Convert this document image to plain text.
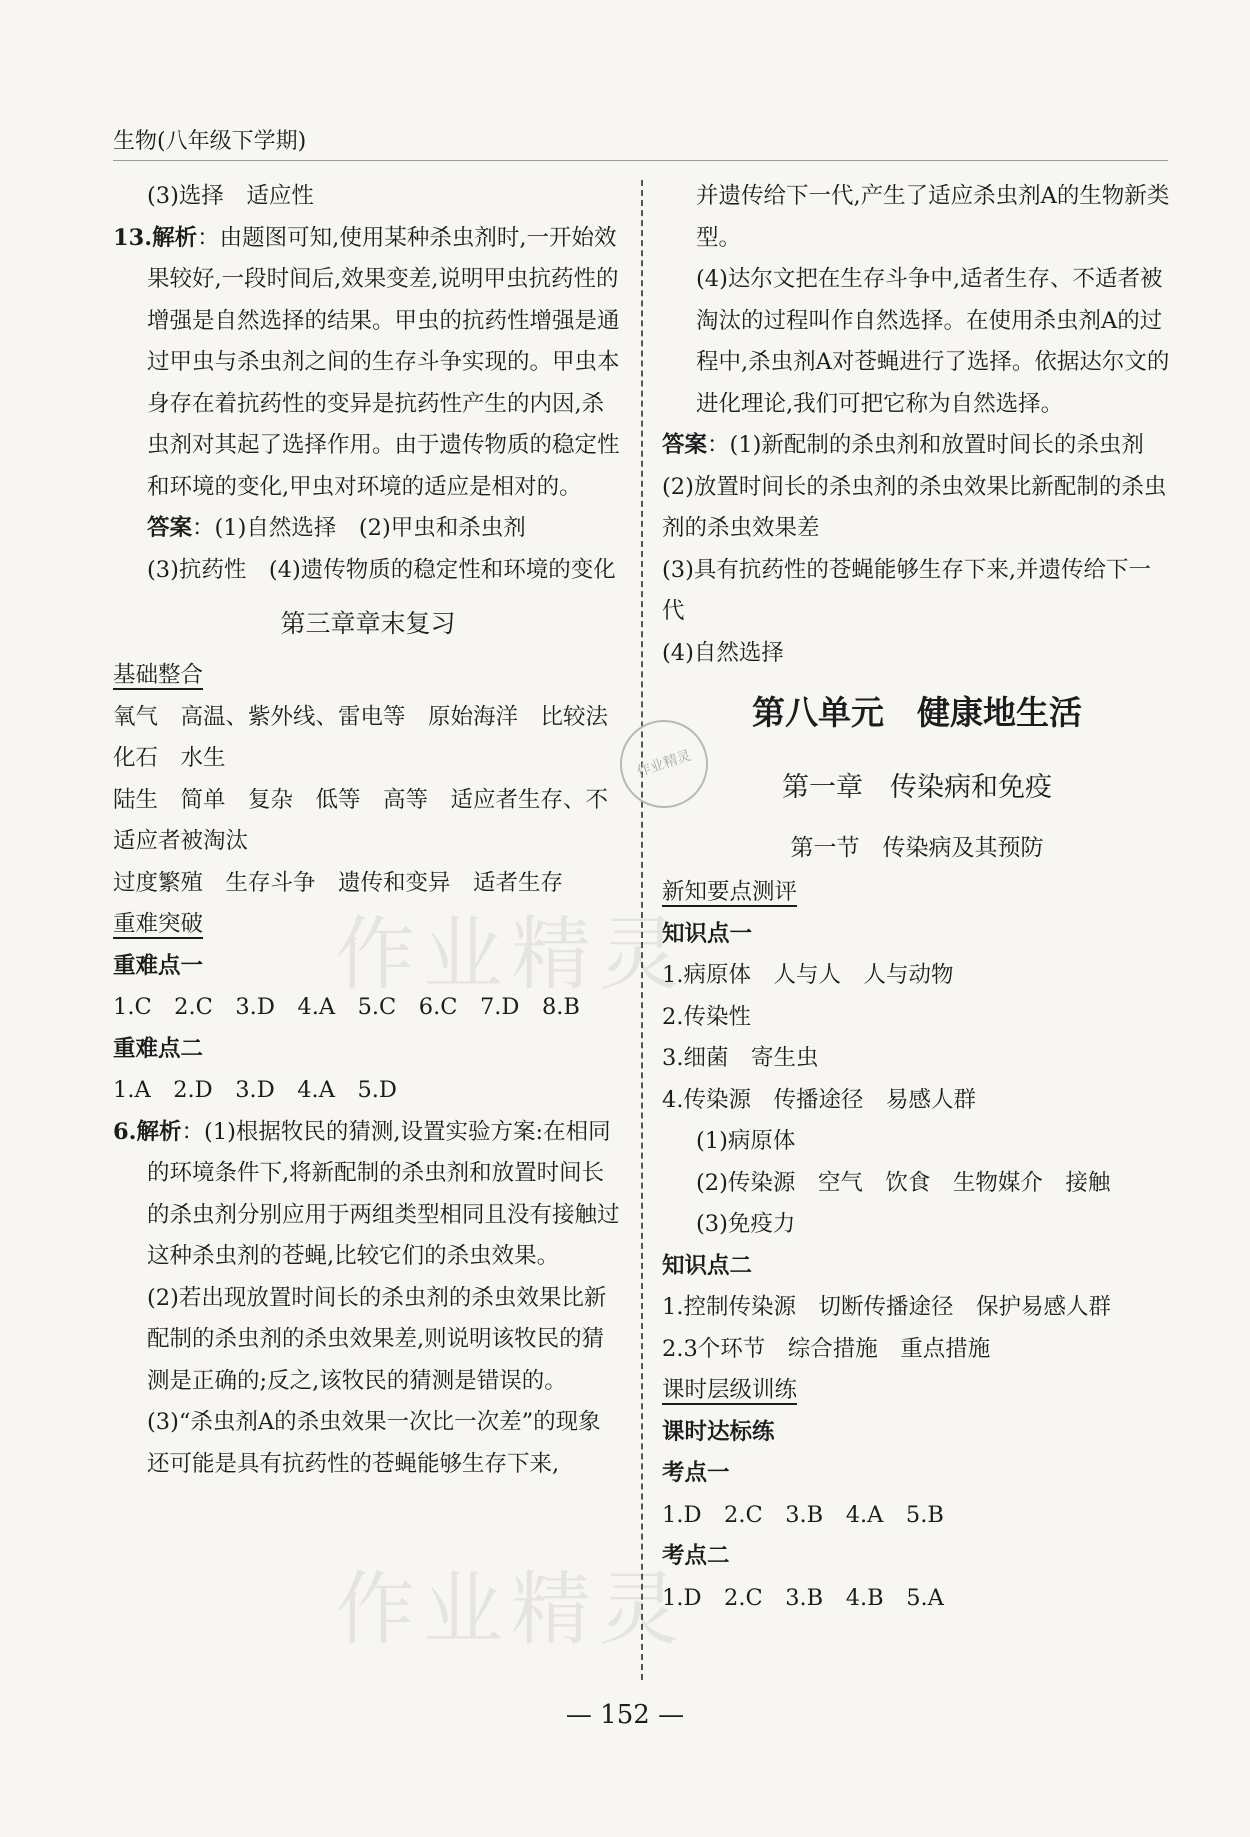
生物(八年级下学期)
作业精灵
作业精灵
作业精灵
(3)选择　适应性
13.解析：由题图可知,使用某种杀虫剂时,一开始效果较好,一段时间后,效果变差,说明甲虫抗药性的增强是自然选择的结果。甲虫的抗药性增强是通过甲虫与杀虫剂之间的生存斗争实现的。甲虫本身存在着抗药性的变异是抗药性产生的内因,杀虫剂对其起了选择作用。由于遗传物质的稳定性和环境的变化,甲虫对环境的适应是相对的。
答案：(1)自然选择　(2)甲虫和杀虫剂
(3)抗药性　(4)遗传物质的稳定性和环境的变化
第三章章末复习
基础整合
氧气　高温、紫外线、雷电等　原始海洋　比较法　化石　水生
陆生　简单　复杂　低等　高等　适应者生存、不适应者被淘汰
过度繁殖　生存斗争　遗传和变异　适者生存
重难突破
重难点一
1.C　2.C　3.D　4.A　5.C　6.C　7.D　8.B
重难点二
1.A　2.D　3.D　4.A　5.D
6.解析：(1)根据牧民的猜测,设置实验方案:在相同的环境条件下,将新配制的杀虫剂和放置时间长的杀虫剂分别应用于两组类型相同且没有接触过这种杀虫剂的苍蝇,比较它们的杀虫效果。
(2)若出现放置时间长的杀虫剂的杀虫效果比新配制的杀虫剂的杀虫效果差,则说明该牧民的猜测是正确的;反之,该牧民的猜测是错误的。
(3)“杀虫剂A的杀虫效果一次比一次差”的现象还可能是具有抗药性的苍蝇能够生存下来,
并遗传给下一代,产生了适应杀虫剂A的生物新类型。
(4)达尔文把在生存斗争中,适者生存、不适者被淘汰的过程叫作自然选择。在使用杀虫剂A的过程中,杀虫剂A对苍蝇进行了选择。依据达尔文的进化理论,我们可把它称为自然选择。
答案：(1)新配制的杀虫剂和放置时间长的杀虫剂
(2)放置时间长的杀虫剂的杀虫效果比新配制的杀虫剂的杀虫效果差
(3)具有抗药性的苍蝇能够生存下来,并遗传给下一代
(4)自然选择
第八单元　健康地生活
第一章　传染病和免疫
第一节　传染病及其预防
新知要点测评
知识点一
1.病原体　人与人　人与动物
2.传染性
3.细菌　寄生虫
4.传染源　传播途径　易感人群
(1)病原体
(2)传染源　空气　饮食　生物媒介　接触
(3)免疫力
知识点二
1.控制传染源　切断传播途径　保护易感人群
2.3个环节　综合措施　重点措施
课时层级训练
课时达标练
考点一
1.D　2.C　3.B　4.A　5.B
考点二
1.D　2.C　3.B　4.B　5.A
— 152 —
